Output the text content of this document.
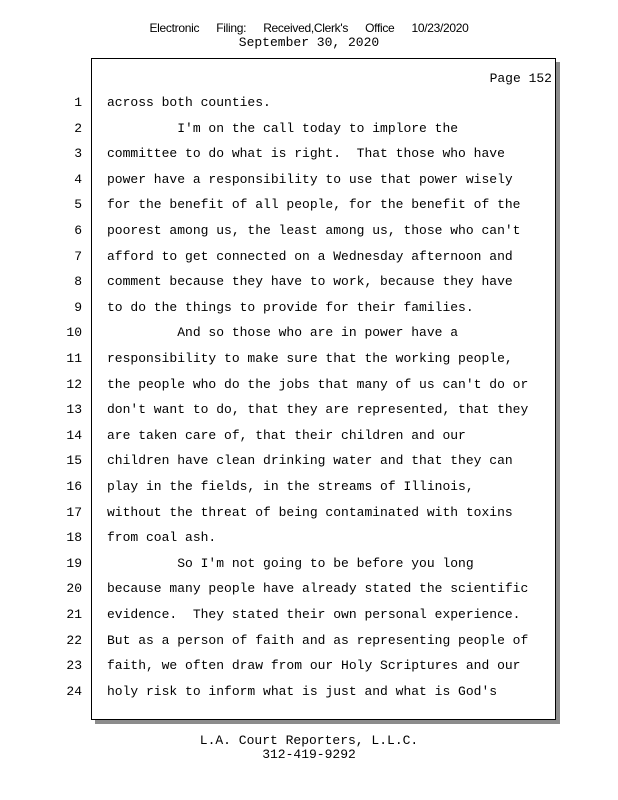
Electronic Filing: Received,Clerk's Office 10/23/2020
September 30, 2020
Page 152
1 across both counties.
2 I'm on the call today to implore the
3 committee to do what is right.  That those who have
4 power have a responsibility to use that power wisely
5 for the benefit of all people, for the benefit of the
6 poorest among us, the least among us, those who can't
7 afford to get connected on a Wednesday afternoon and
8 comment because they have to work, because they have
9 to do the things to provide for their families.
10 And so those who are in power have a
11 responsibility to make sure that the working people,
12 the people who do the jobs that many of us can't do or
13 don't want to do, that they are represented, that they
14 are taken care of, that their children and our
15 children have clean drinking water and that they can
16 play in the fields, in the streams of Illinois,
17 without the threat of being contaminated with toxins
18 from coal ash.
19 So I'm not going to be before you long
20 because many people have already stated the scientific
21 evidence.  They stated their own personal experience.
22 But as a person of faith and as representing people of
23 faith, we often draw from our Holy Scriptures and our
24 holy risk to inform what is just and what is God's
L.A. Court Reporters, L.L.C.
312-419-9292
